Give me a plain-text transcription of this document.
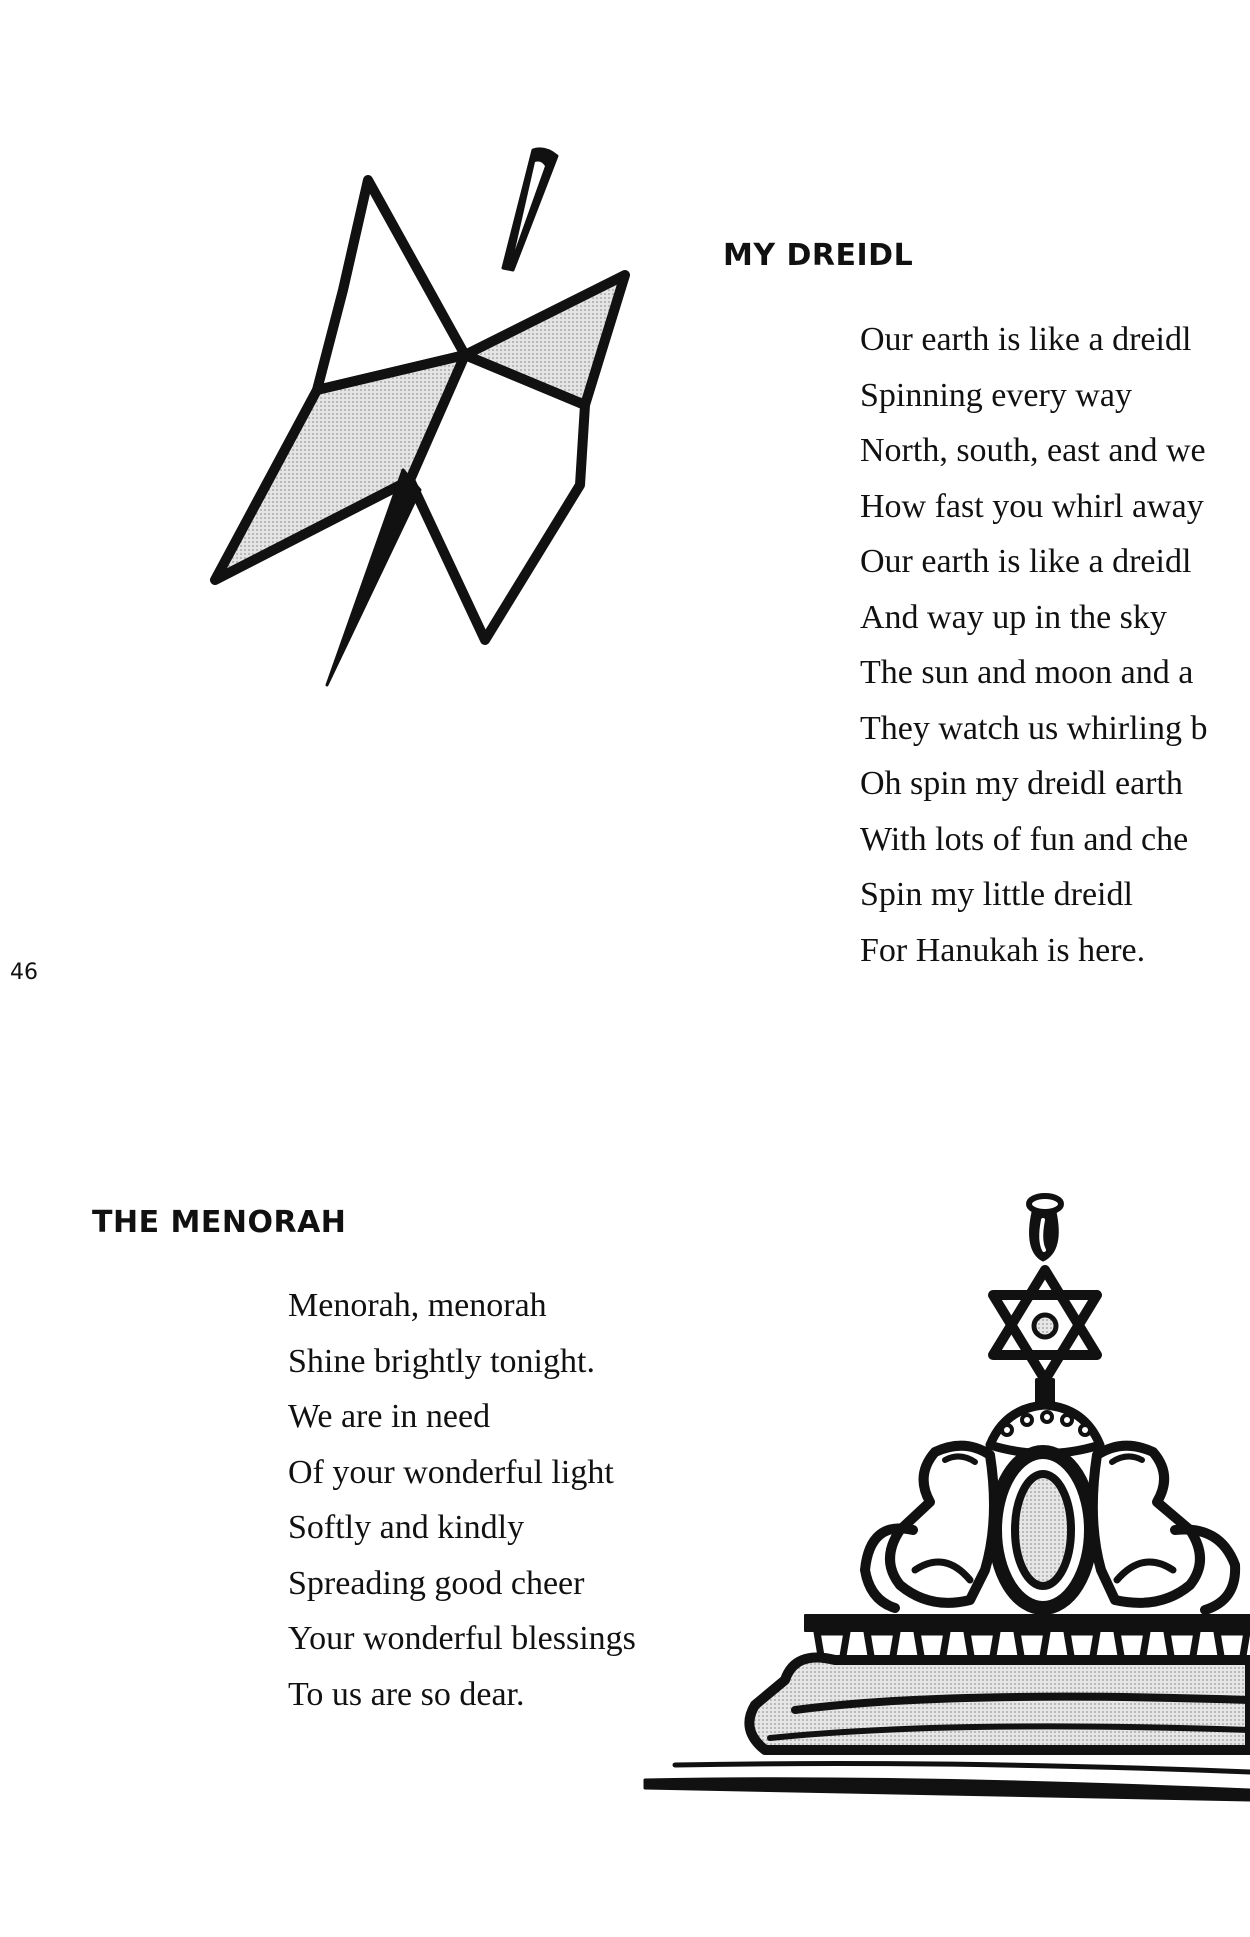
MY DREIDL
Our earth is like a dreidl
Spinning every way
North, south, east and we
How fast you whirl away
Our earth is like a dreidl
And way up in the sky
The sun and moon and a
They watch us whirling b
Oh spin my dreidl earth
With lots of fun and che
Spin my little dreidl
For Hanukah is here.

46

THE MENORAH
Menorah, menorah
Shine brightly tonight.
We are in need
Of your wonderful light
Softly and kindly
Spreading good cheer
Your wonderful blessings
To us are so dear.
